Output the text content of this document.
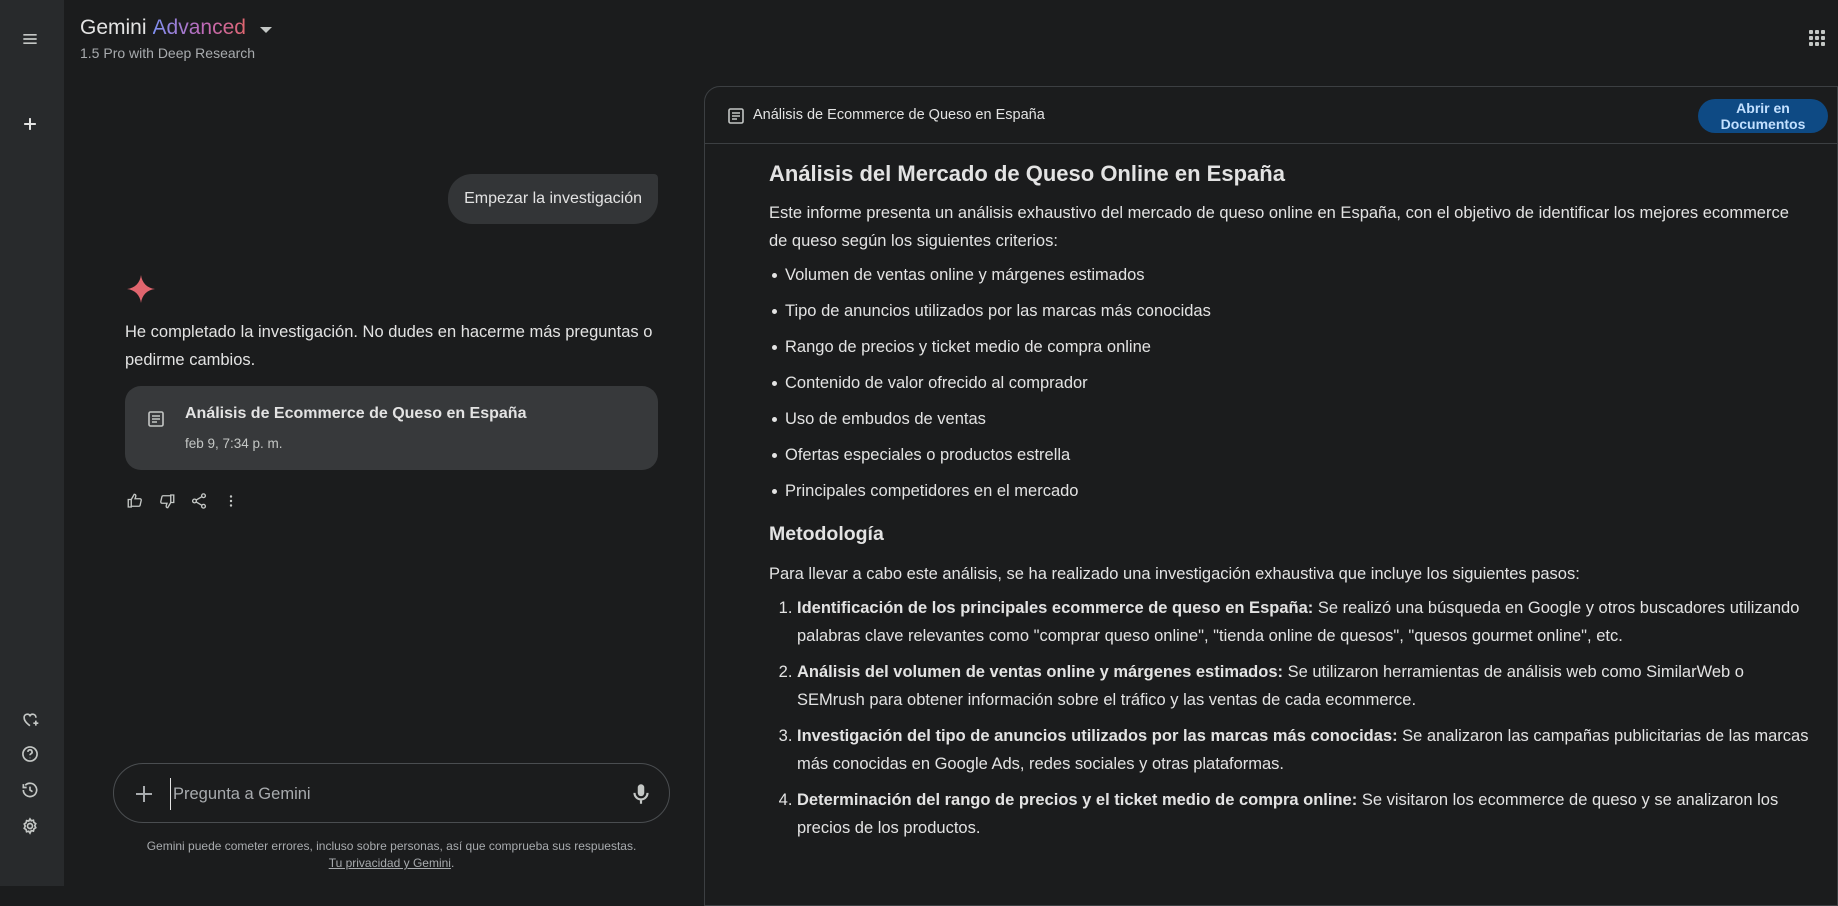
Gemini Advanced
1.5 Pro with Deep Research
Empezar la investigación
He completado la investigación. No dudes en hacerme más preguntas o pedirme cambios.
Análisis de Ecommerce de Queso en España
feb 9, 7:34 p. m.
Pregunta a Gemini
Gemini puede cometer errores, incluso sobre personas, así que comprueba sus respuestas.
Tu privacidad y Gemini.
Análisis de Ecommerce de Queso en España	Abrir en Documentos
Análisis del Mercado de Queso Online en España

Este informe presenta un análisis exhaustivo del mercado de queso online en España, con el objetivo de identificar los mejores ecommerce de queso según los siguientes criterios:

Volumen de ventas online y márgenes estimados
Tipo de anuncios utilizados por las marcas más conocidas
Rango de precios y ticket medio de compra online
Contenido de valor ofrecido al comprador
Uso de embudos de ventas
Ofertas especiales o productos estrella
Principales competidores en el mercado
Metodología

Para llevar a cabo este análisis, se ha realizado una investigación exhaustiva que incluye los siguientes pasos:

1. Identificación de los principales ecommerce de queso en España: Se realizó una búsqueda en Google y otros buscadores utilizando palabras clave relevantes como "comprar queso online", "tienda online de quesos", "quesos gourmet online", etc.
2. Análisis del volumen de ventas online y márgenes estimados: Se utilizaron herramientas de análisis web como SimilarWeb o SEMrush para obtener información sobre el tráfico y las ventas de cada ecommerce.
3. Investigación del tipo de anuncios utilizados por las marcas más conocidas: Se analizaron las campañas publicitarias de las marcas más conocidas en Google Ads, redes sociales y otras plataformas.
4. Determinación del rango de precios y el ticket medio de compra online: Se visitaron los ecommerce de queso y se analizaron los precios de los productos.
